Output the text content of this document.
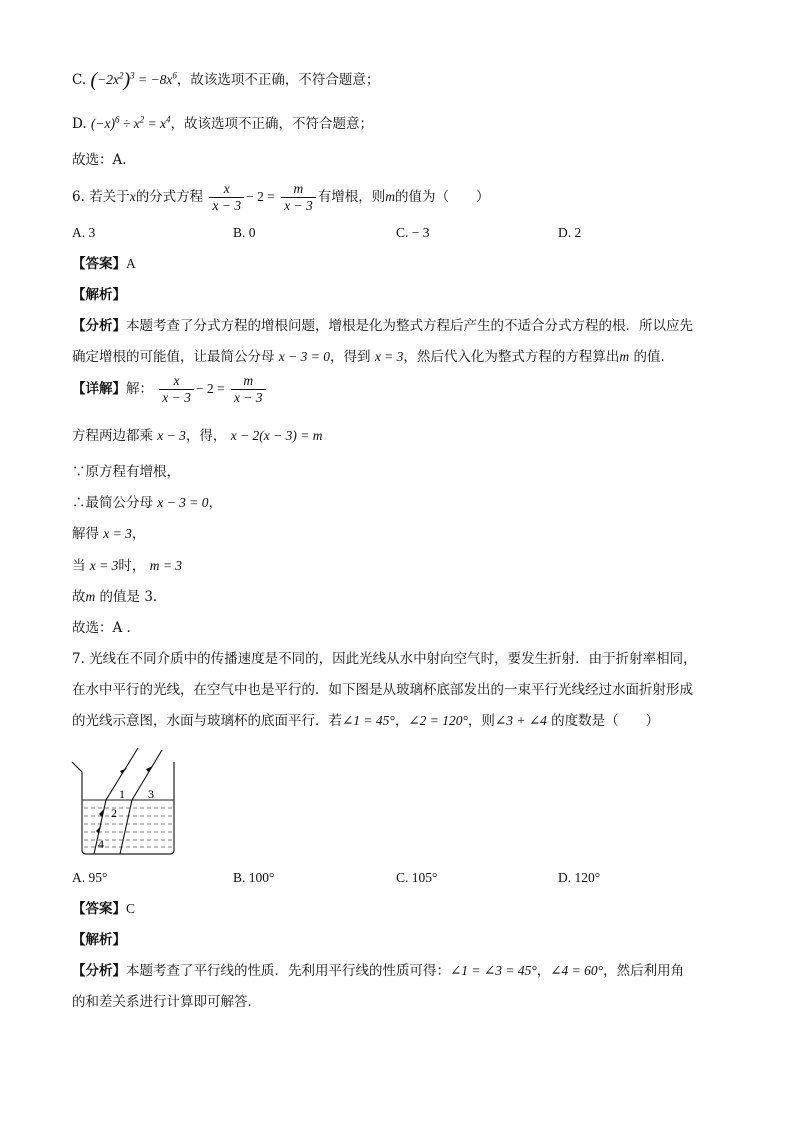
C. $(-2x^2)^3 = -8x^6$，故该选项不正确，不符合题意；
D. $(-x)^6 \div x^2 = x^4$，故该选项不正确，不符合题意；
故选：A．
6. 若关于x的分式方程 $\frac{x}{x - 3} - 2 = \frac{m}{x - 3}$ 有增根，则m的值为（　　）
A. 3	B. 0	C. − 3	D. 2
【答案】A
【解析】
【分析】本题考查了分式方程的增根问题，增根是化为整式方程后产生的不适合分式方程的根．所以应先
确定增根的可能值，让最简公分母 x − 3 = 0，得到 x = 3，然后代入化为整式方程的方程算出m 的值．
【详解】解： $\frac{x}{x - 3} - 2 = \frac{m}{x - 3}$
方程两边都乘 x − 3，得， x − 2(x − 3) = m
∵原方程有增根，
∴最简公分母 x − 3 = 0，
解得 x = 3，
当 x = 3时， m = 3
故m 的值是 3．
故选：A ．
7. 光线在不同介质中的传播速度是不同的，因此光线从水中射向空气时，要发生折射．由于折射率相同，
在水中平行的光线，在空气中也是平行的．如下图是从玻璃杯底部发出的一束平行光线经过水面折射形成
的光线示意图，水面与玻璃杯的底面平行．若∠1 = 45°，∠2 = 120°，则∠3 + ∠4 的度数是（　　）
1
2
3
4
A. 95°	B. 100°	C. 105°	D. 120°
【答案】C
【解析】
【分析】本题考查了平行线的性质．先利用平行线的性质可得：∠1 = ∠3 = 45°，∠4 = 60°，然后利用角
的和差关系进行计算即可解答．
